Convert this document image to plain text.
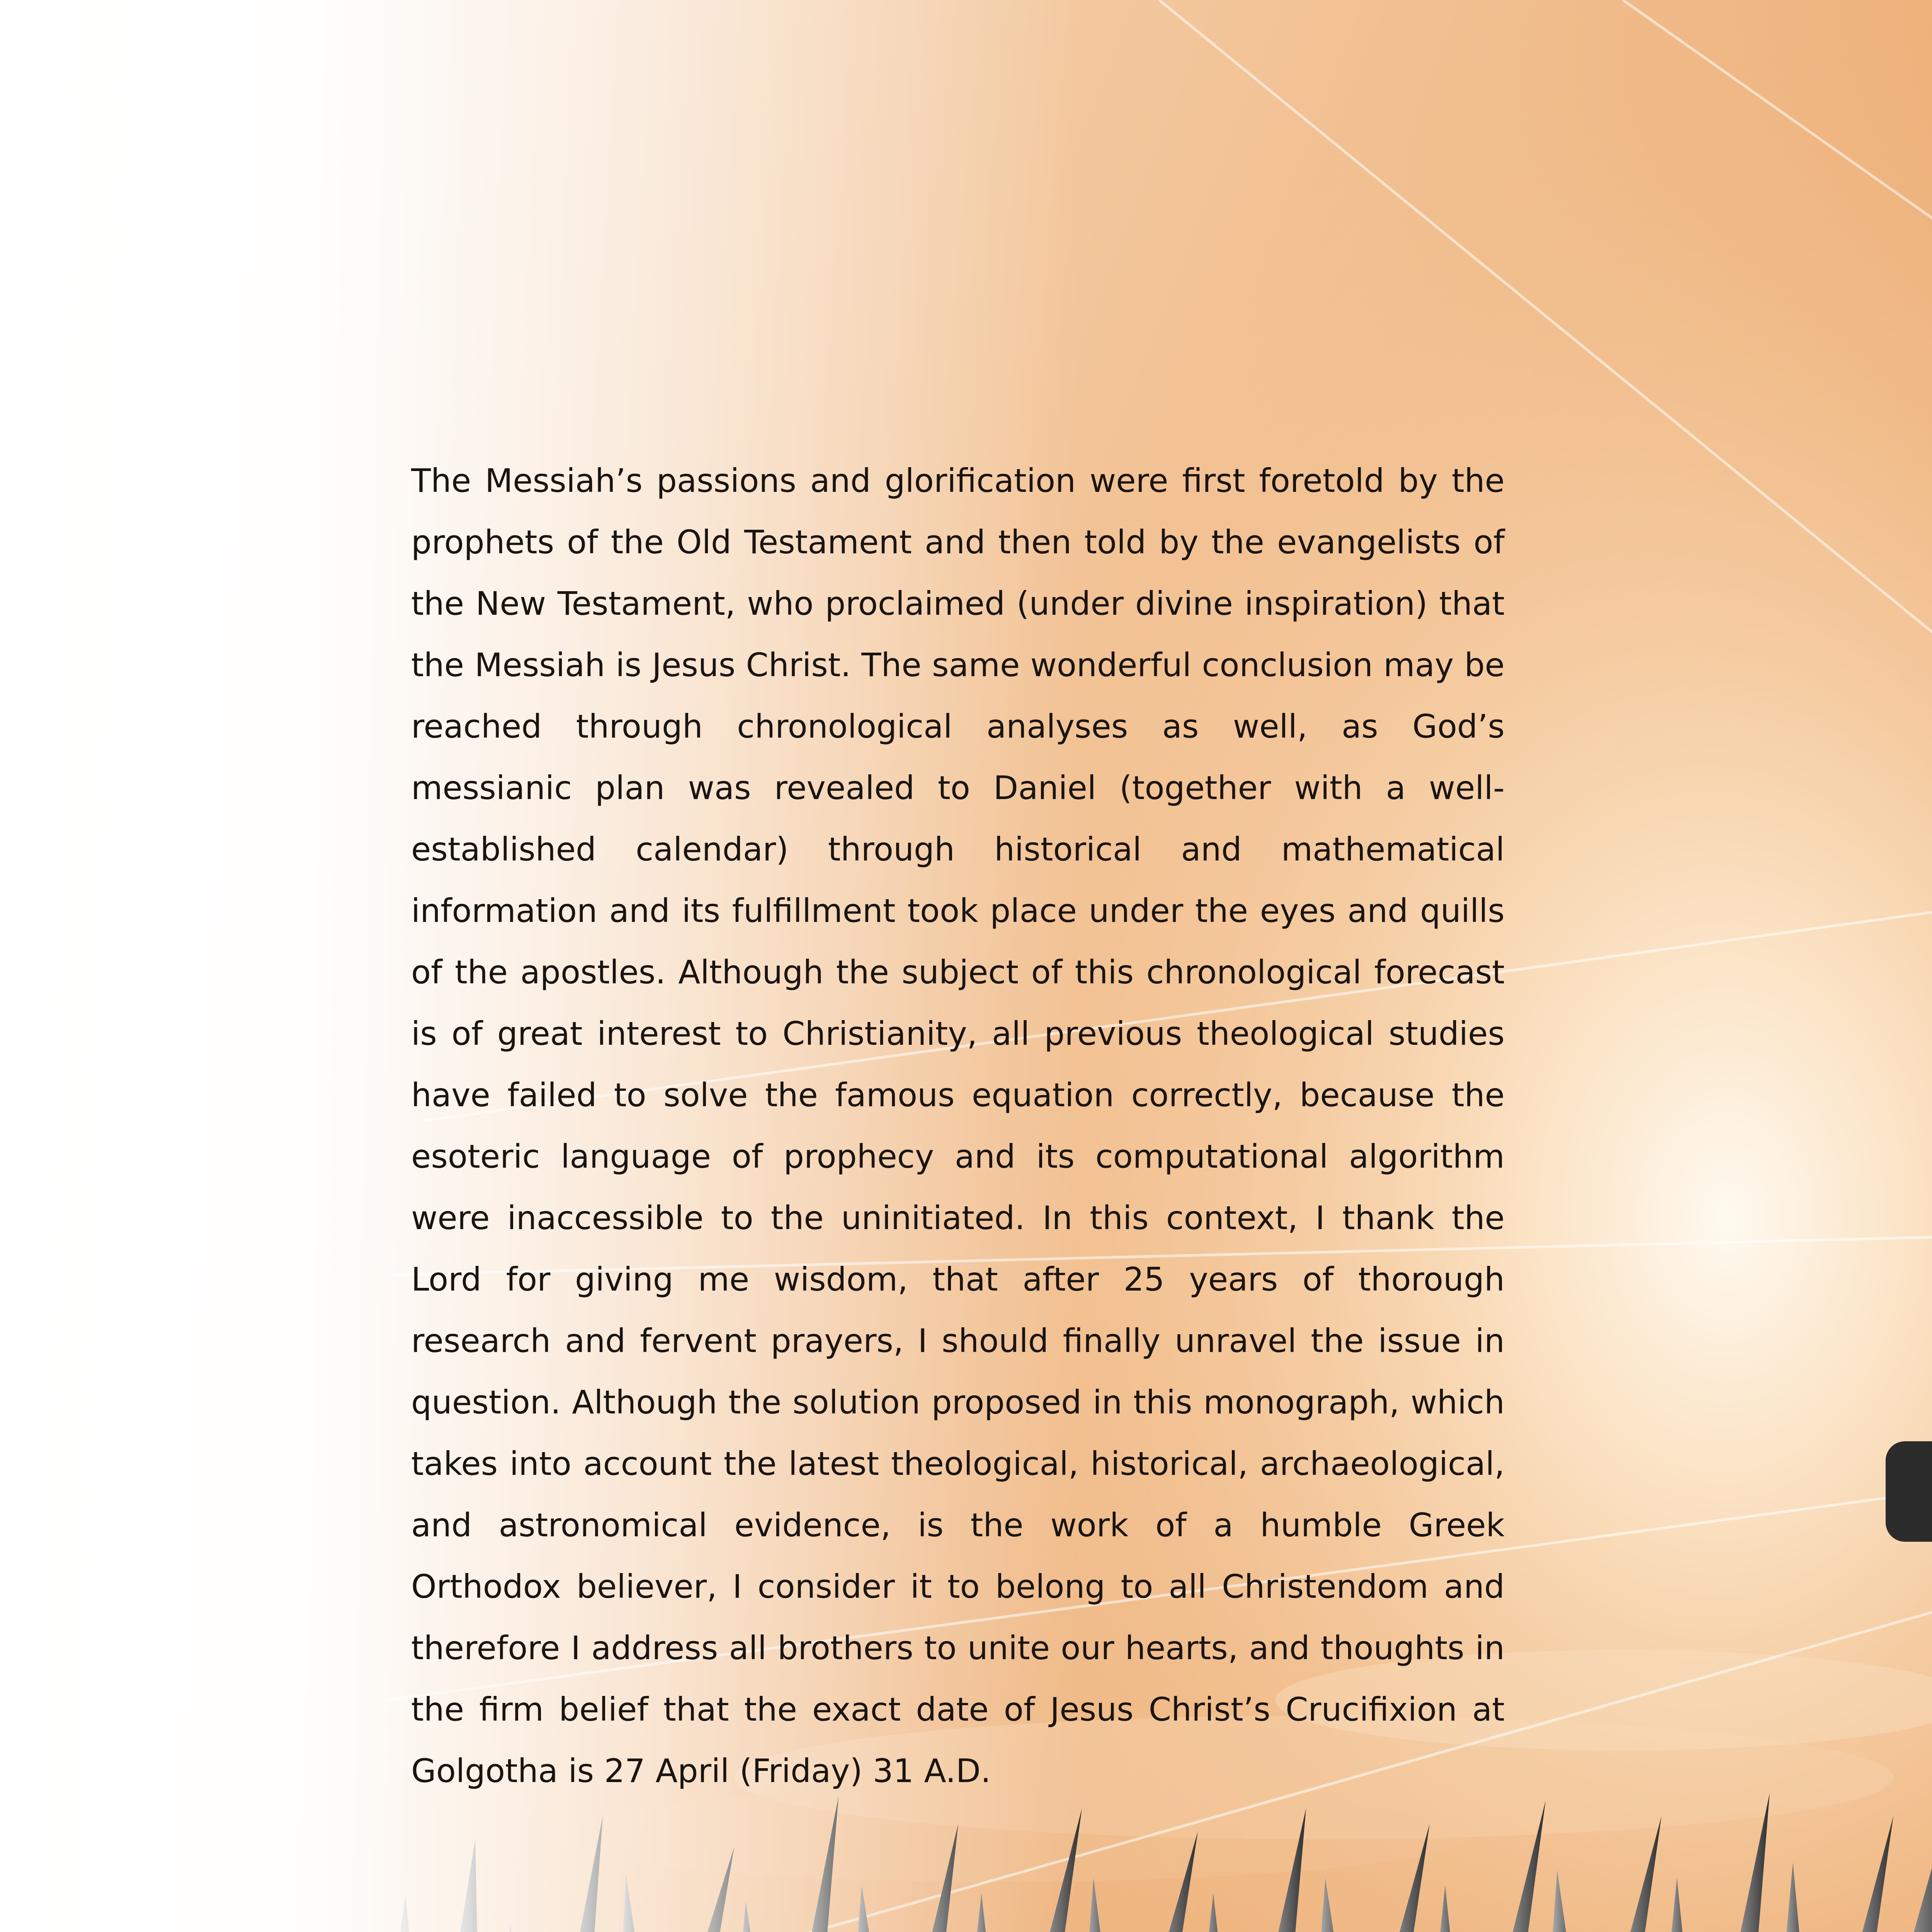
The Messiah’s passions and glorification were first foretold by the prophets of the Old Testament and then told by the evangelists of the New Testament, who proclaimed (under divine inspiration) that the Messiah is Jesus Christ. The same wonderful conclusion may be reached through chronological analyses as well, as God’s messianic plan was revealed to Daniel (together with a well-established calendar) through historical and mathematical information and its fulfillment took place under the eyes and quills of the apostles. Although the subject of this chronological forecast is of great interest to Christianity, all previous theological studies have failed to solve the famous equation correctly, because the esoteric language of prophecy and its computational algorithm were inaccessible to the uninitiated. In this context, I thank the Lord for giving me wisdom, that after 25 years of thorough research and fervent prayers, I should finally unravel the issue in question. Although the solution proposed in this monograph, which takes into account the latest theological, historical, archaeological, and astronomical evidence, is the work of a humble Greek Orthodox believer, I consider it to belong to all Christendom and therefore I address all brothers to unite our hearts, and thoughts in the firm belief that the exact date of Jesus Christ’s Crucifixion at Golgotha is 27 April (Friday) 31 A.D.
